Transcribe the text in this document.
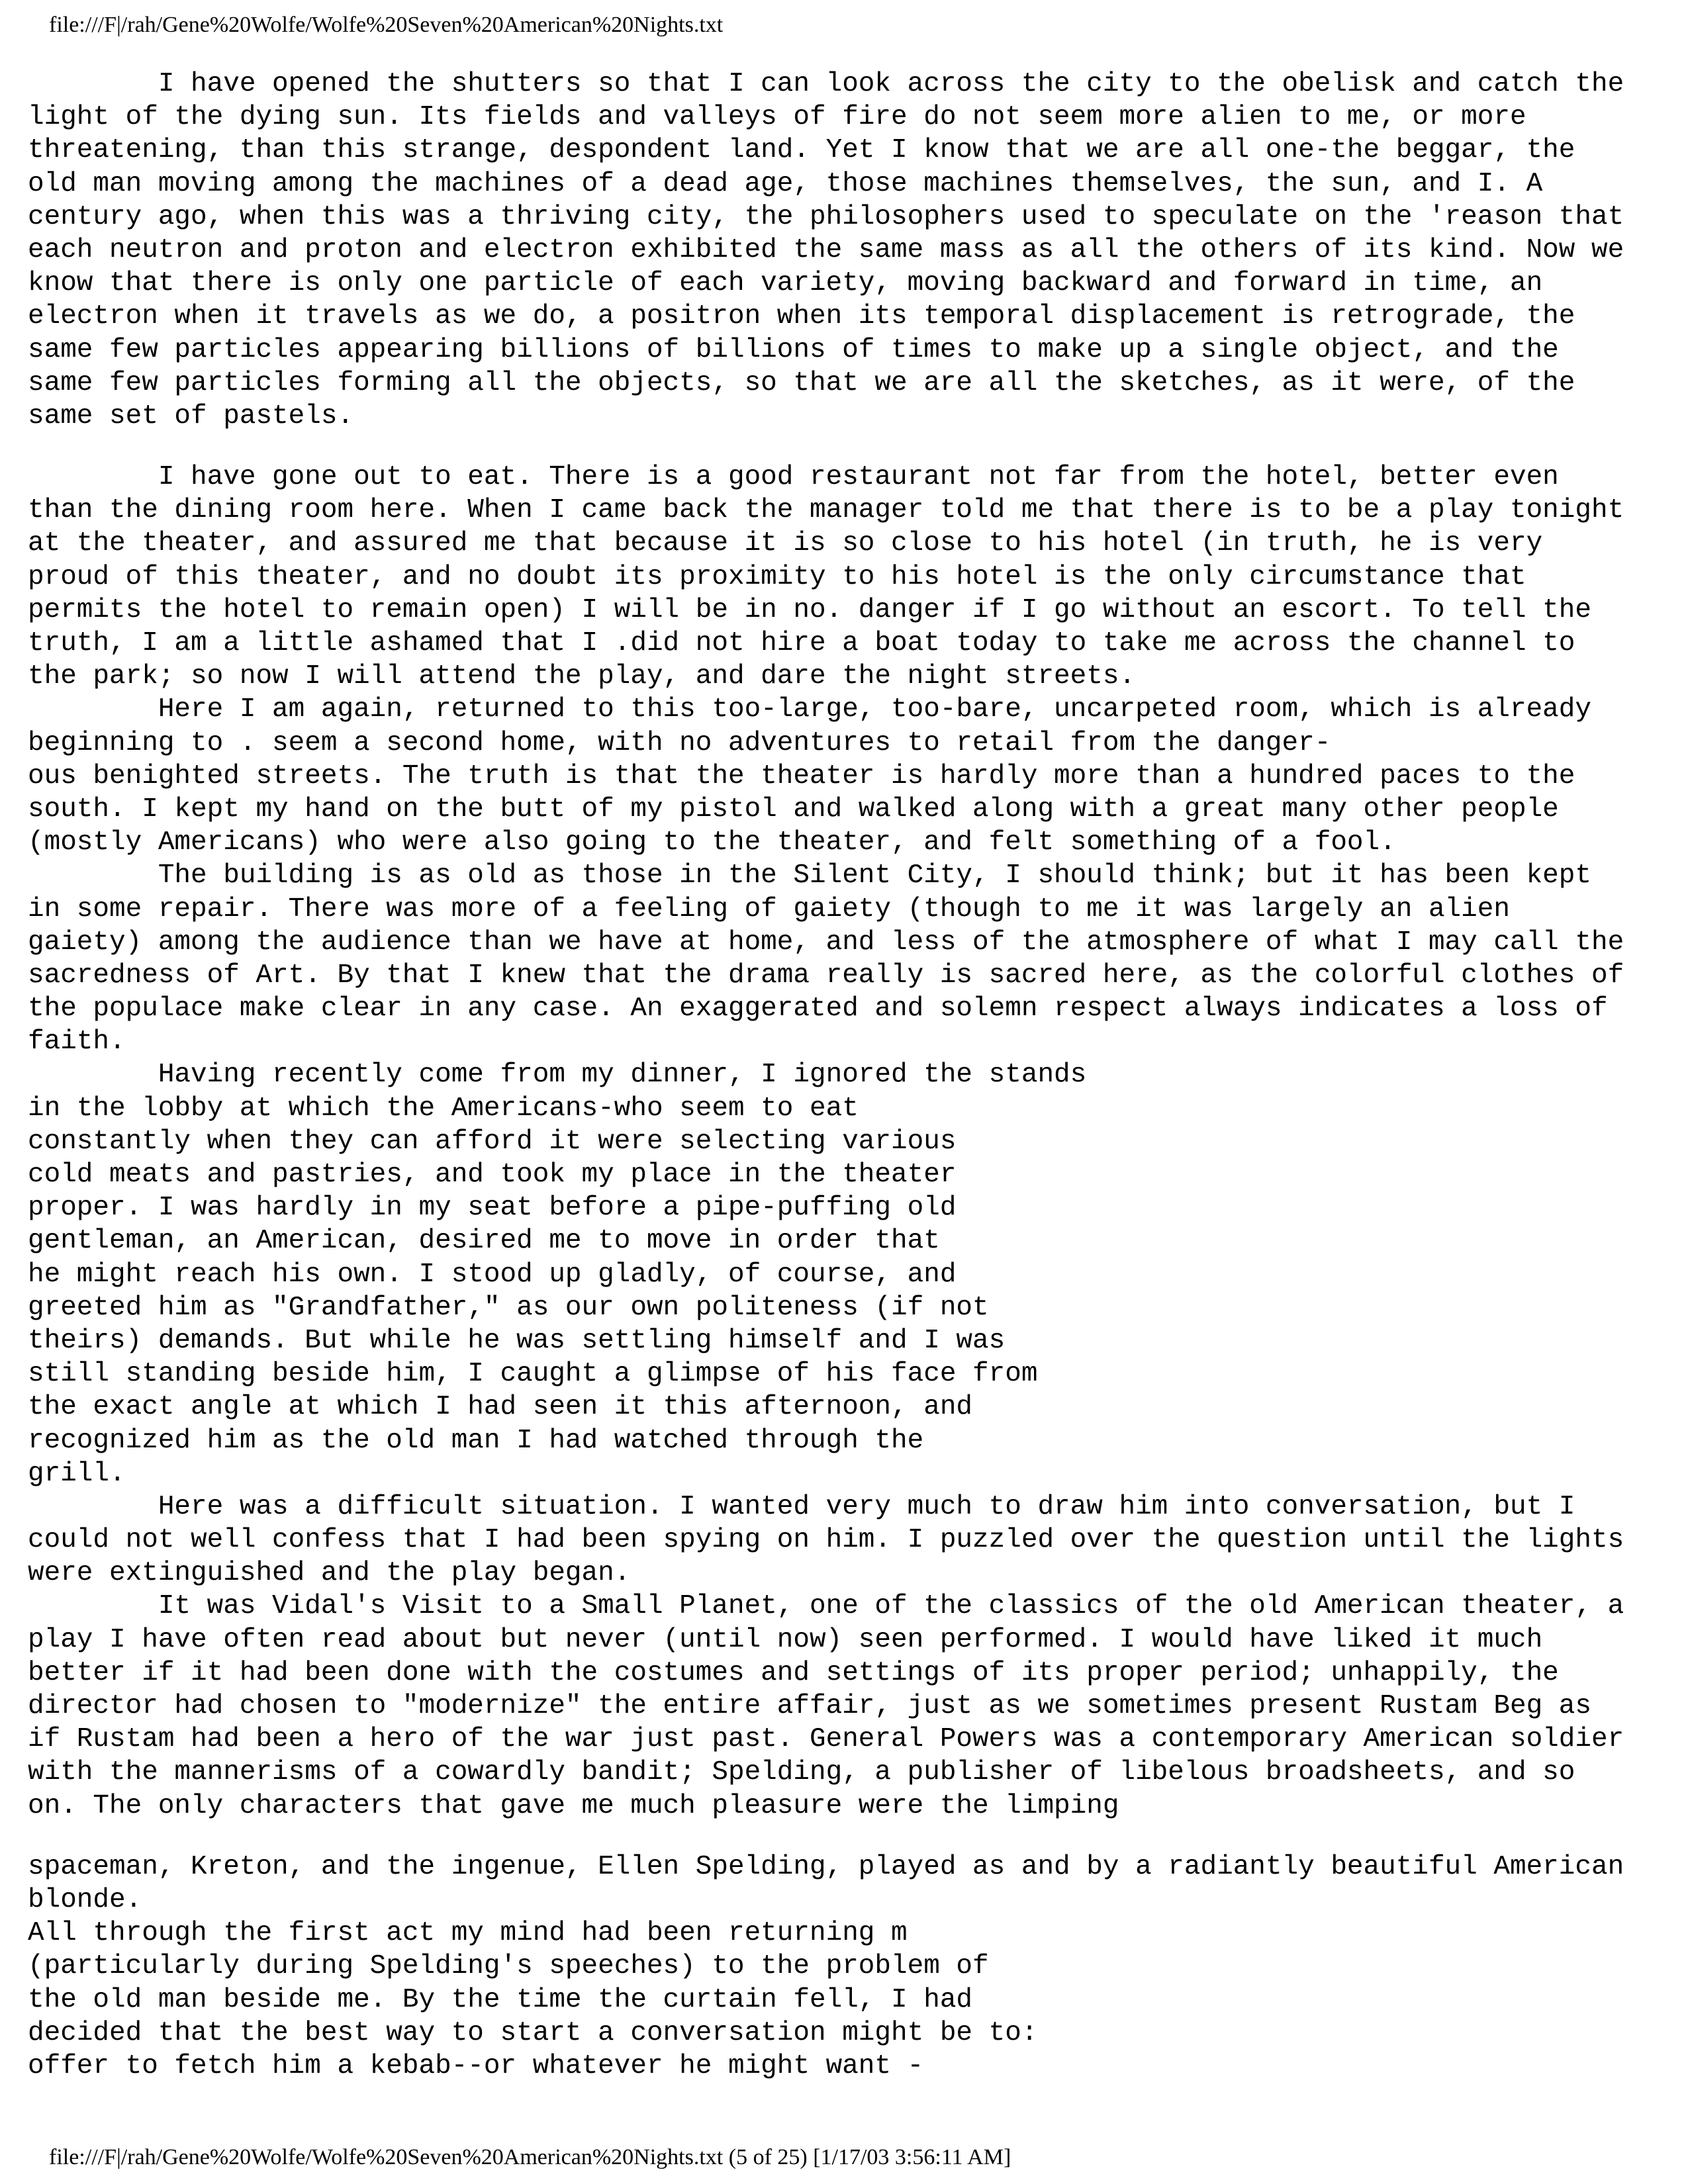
file:///F|/rah/Gene%20Wolfe/Wolfe%20Seven%20American%20Nights.txt
I have opened the shutters so that I can look across the city to the obelisk and catch the
light of the dying sun. Its fields and valleys of fire do not seem more alien to me, or more
threatening, than this strange, despondent land. Yet I know that we are all one-the beggar, the
old man moving among the machines of a dead age, those machines themselves, the sun, and I. A
century ago, when this was a thriving city, the philosophers used to speculate on the 'reason that
each neutron and proton and electron exhibited the same mass as all the others of its kind. Now we
know that there is only one particle of each variety, moving backward and forward in time, an
electron when it travels as we do, a positron when its temporal displacement is retrograde, the
same few particles appearing billions of billions of times to make up a single object, and the
same few particles forming all the objects, so that we are all the sketches, as it were, of the
same set of pastels.
I have gone out to eat. There is a good restaurant not far from the hotel, better even
than the dining room here. When I came back the manager told me that there is to be a play tonight
at the theater, and assured me that because it is so close to his hotel (in truth, he is very
proud of this theater, and no doubt its proximity to his hotel is the only circumstance that
permits the hotel to remain open) I will be in no. danger if I go without an escort. To tell the
truth, I am a little ashamed that I .did not hire a boat today to take me across the channel to
the park; so now I will attend the play, and dare the night streets.
Here I am again, returned to this too-large, too-bare, uncarpeted room, which is already
beginning to . seem a second home, with no adventures to retail from the danger-
ous benighted streets. The truth is that the theater is hardly more than a hundred paces to the
south. I kept my hand on the butt of my pistol and walked along with a great many other people
(mostly Americans) who were also going to the theater, and felt something of a fool.
The building is as old as those in the Silent City, I should think; but it has been kept
in some repair. There was more of a feeling of gaiety (though to me it was largely an alien
gaiety) among the audience than we have at home, and less of the atmosphere of what I may call the
sacredness of Art. By that I knew that the drama really is sacred here, as the colorful clothes of
the populace make clear in any case. An exaggerated and solemn respect always indicates a loss of
faith.
Having recently come from my dinner, I ignored the stands
in the lobby at which the Americans-who seem to eat
constantly when they can afford it were selecting various
cold meats and pastries, and took my place in the theater
proper. I was hardly in my seat before a pipe-puffing old
gentleman, an American, desired me to move in order that
he might reach his own. I stood up gladly, of course, and
greeted him as "Grandfather," as our own politeness (if not
theirs) demands. But while he was settling himself and I was
still standing beside him, I caught a glimpse of his face from
the exact angle at which I had seen it this afternoon, and
recognized him as the old man I had watched through the
grill.
Here was a difficult situation. I wanted very much to draw him into conversation, but I
could not well confess that I had been spying on him. I puzzled over the question until the lights
were extinguished and the play began.
It was Vidal's Visit to a Small Planet, one of the classics of the old American theater, a
play I have often read about but never (until now) seen performed. I would have liked it much
better if it had been done with the costumes and settings of its proper period; unhappily, the
director had chosen to "modernize" the entire affair, just as we sometimes present Rustam Beg as
if Rustam had been a hero of the war just past. General Powers was a contemporary American soldier
with the mannerisms of a cowardly bandit; Spelding, a publisher of libelous broadsheets, and so
on. The only characters that gave me much pleasure were the limping
spaceman, Kreton, and the ingenue, Ellen Spelding, played as and by a radiantly beautiful American
blonde.
All through the first act my mind had been returning m
(particularly during Spelding's speeches) to the problem of
the old man beside me. By the time the curtain fell, I had
decided that the best way to start a conversation might be to:
offer to fetch him a kebab--or whatever he might want -
file:///F|/rah/Gene%20Wolfe/Wolfe%20Seven%20American%20Nights.txt (5 of 25) [1/17/03 3:56:11 AM]
